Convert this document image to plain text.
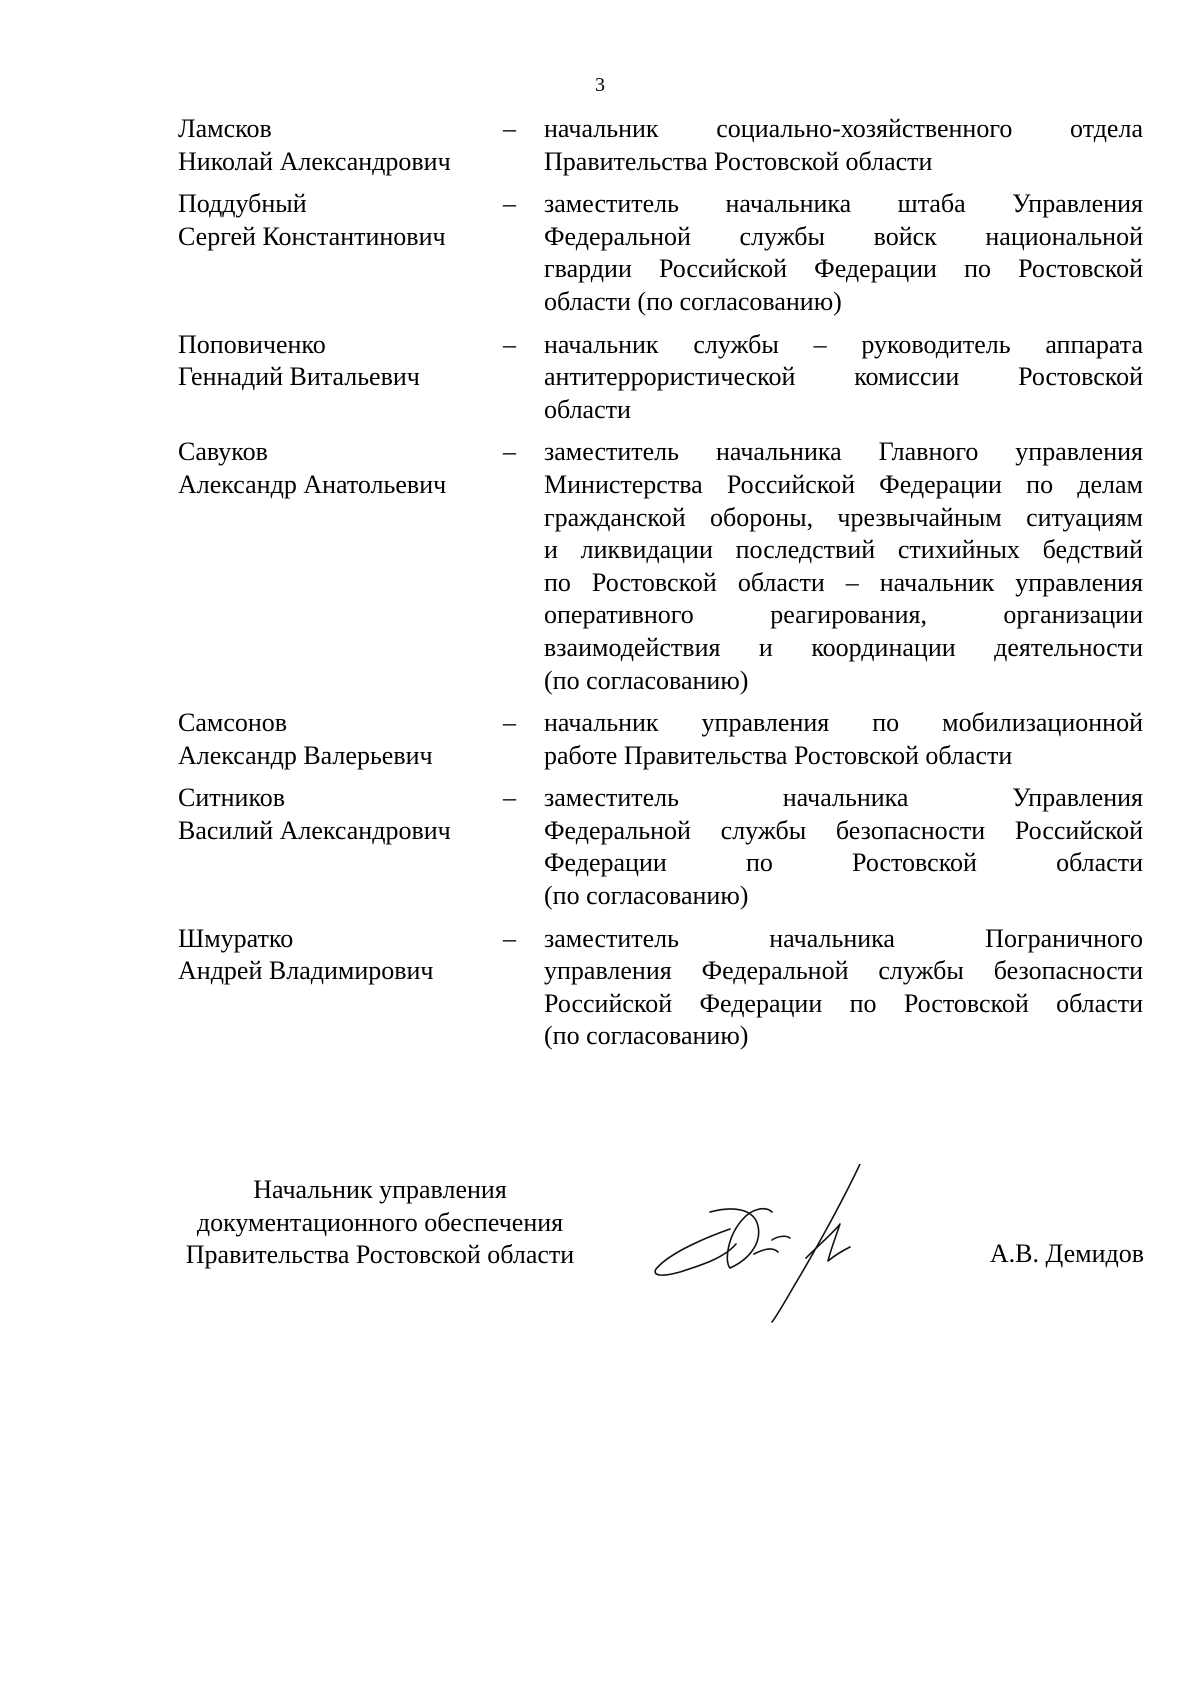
3
Ламсков
Николай Александрович
–	начальник социально-хозяйственного отдела
Правительства Ростовской области
Поддубный
Сергей Константинович
–	заместитель начальника штаба Управления
Федеральной службы войск национальной
гвардии Российской Федерации по Ростовской
области (по согласованию)
Поповиченко
Геннадий Витальевич
–	начальник службы – руководитель аппарата
антитеррористической комиссии Ростовской
области
Савуков
Александр Анатольевич
–	заместитель начальника Главного управления
Министерства Российской Федерации по делам
гражданской обороны, чрезвычайным ситуациям
и ликвидации последствий стихийных бедствий
по Ростовской области – начальник управления
оперативного реагирования, организации
взаимодействия и координации деятельности
(по согласованию)
Самсонов
Александр Валерьевич
–	начальник управления по мобилизационной
работе Правительства Ростовской области
Ситников
Василий Александрович
–	заместитель начальника Управления
Федеральной службы безопасности Российской
Федерации по Ростовской области
(по согласованию)
Шмуратко
Андрей Владимирович
–	заместитель начальника Пограничного
управления Федеральной службы безопасности
Российской Федерации по Ростовской области
(по согласованию)
Начальник управления
документационного обеспечения
Правительства Ростовской области	А.В. Демидов
